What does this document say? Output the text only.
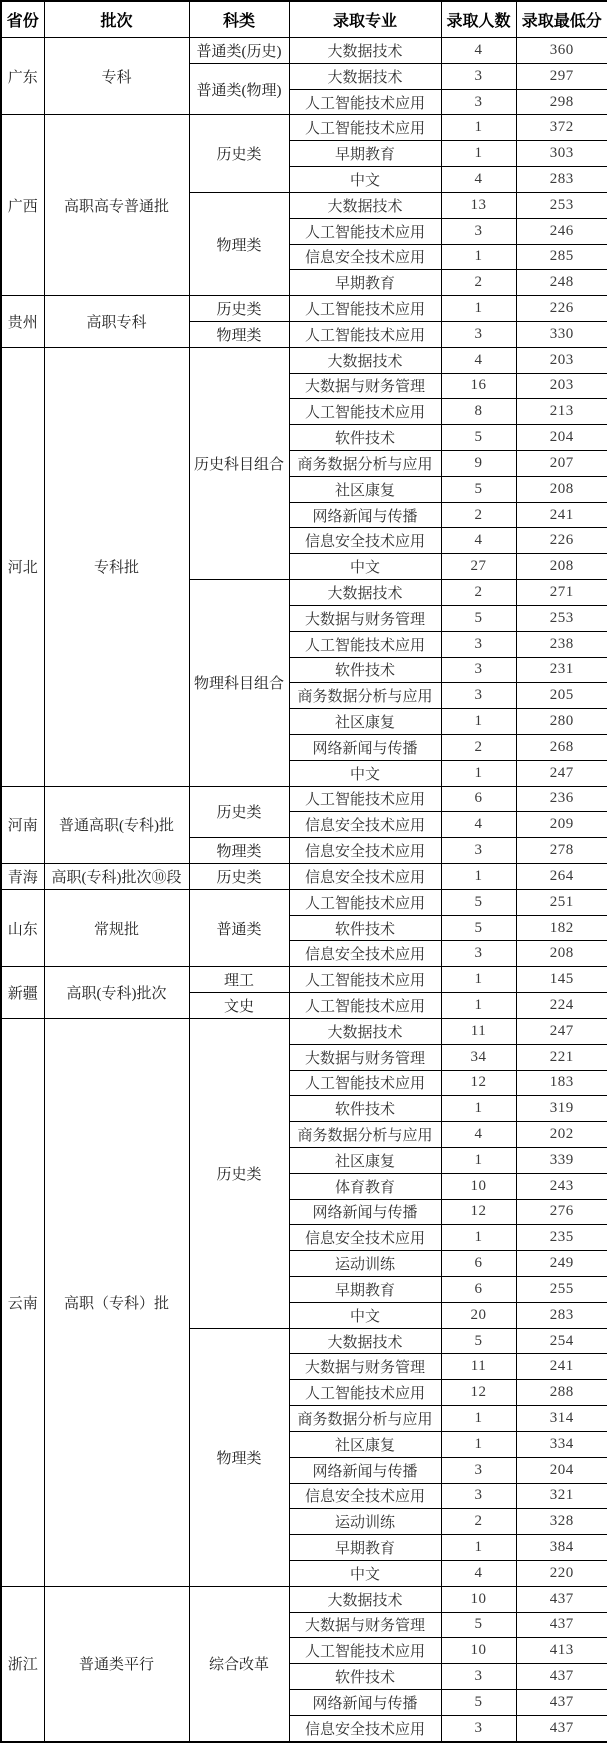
省份	批次	科类	录取专业	录取人数	录取最低分
广东	专科	普通类(历史)	大数据技术	4	360
		普通类(物理)	大数据技术	3	297
			人工智能技术应用	3	298
广西	高职高专普通批	历史类	人工智能技术应用	1	372
			早期教育	1	303
			中文	4	283
		物理类	大数据技术	13	253
			人工智能技术应用	3	246
			信息安全技术应用	1	285
			早期教育	2	248
贵州	高职专科	历史类	人工智能技术应用	1	226
		物理类	人工智能技术应用	3	330
河北	专科批	历史科目组合	大数据技术	4	203
			大数据与财务管理	16	203
			人工智能技术应用	8	213
			软件技术	5	204
			商务数据分析与应用	9	207
			社区康复	5	208
			网络新闻与传播	2	241
			信息安全技术应用	4	226
			中文	27	208
		物理科目组合	大数据技术	2	271
			大数据与财务管理	5	253
			人工智能技术应用	3	238
			软件技术	3	231
			商务数据分析与应用	3	205
			社区康复	1	280
			网络新闻与传播	2	268
			中文	1	247
河南	普通高职(专科)批	历史类	人工智能技术应用	6	236
			信息安全技术应用	4	209
		物理类	信息安全技术应用	3	278
青海	高职(专科)批次⑩段	历史类	信息安全技术应用	1	264
山东	常规批	普通类	人工智能技术应用	5	251
			软件技术	5	182
			信息安全技术应用	3	208
新疆	高职(专科)批次	理工	人工智能技术应用	1	145
		文史	人工智能技术应用	1	224
云南	高职（专科）批	历史类	大数据技术	11	247
			大数据与财务管理	34	221
			人工智能技术应用	12	183
			软件技术	1	319
			商务数据分析与应用	4	202
			社区康复	1	339
			体育教育	10	243
			网络新闻与传播	12	276
			信息安全技术应用	1	235
			运动训练	6	249
			早期教育	6	255
			中文	20	283
		物理类	大数据技术	5	254
			大数据与财务管理	11	241
			人工智能技术应用	12	288
			商务数据分析与应用	1	314
			社区康复	1	334
			网络新闻与传播	3	204
			信息安全技术应用	3	321
			运动训练	2	328
			早期教育	1	384
			中文	4	220
浙江	普通类平行	综合改革	大数据技术	10	437
			大数据与财务管理	5	437
			人工智能技术应用	10	413
			软件技术	3	437
			网络新闻与传播	5	437
			信息安全技术应用	3	437
